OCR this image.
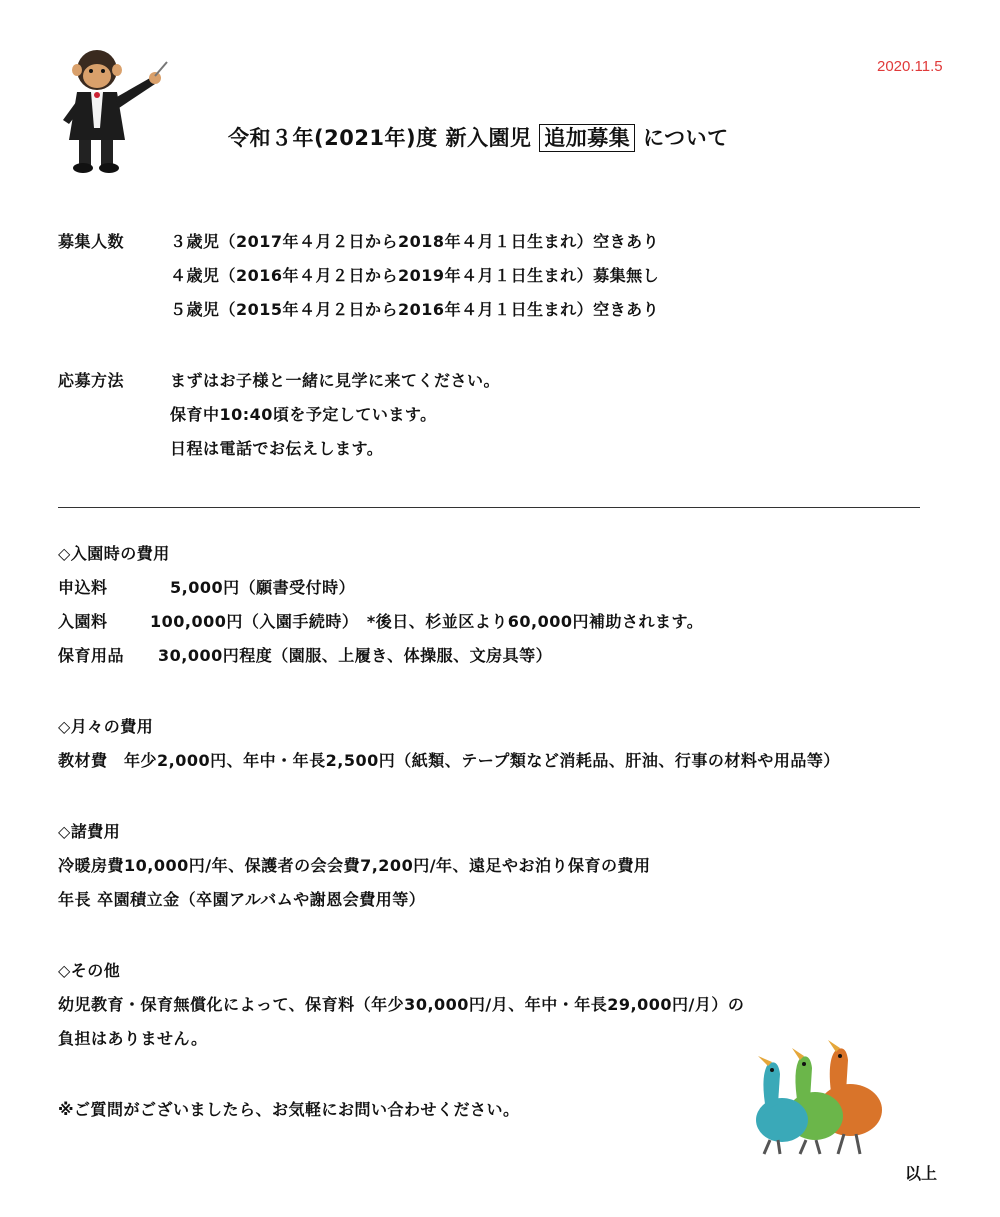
2020.11.5
令和３年(2021年)度 新入園児 追加募集 について
募集人数	３歳児（2017年４月２日から2018年４月１日生まれ）空きあり
４歳児（2016年４月２日から2019年４月１日生まれ）募集無し
５歳児（2015年４月２日から2016年４月１日生まれ）空きあり
応募方法	まずはお子様と一緒に見学に来てください。
保育中10:40頃を予定しています。
日程は電話でお伝えします。
◇入園時の費用
申込料	5,000円（願書受付時）
入園料	100,000円（入園手続時）　*後日、杉並区より60,000円補助されます。
保育用品 30,000円程度（園服、上履き、体操服、文房具等）
◇月々の費用
教材費　年少2,000円、年中・年長2,500円（紙類、テープ類など消耗品、肝油、行事の材料や用品等）
◇諸費用
冷暖房費10,000円/年、保護者の会会費7,200円/年、遠足やお泊り保育の費用
年長 卒園積立金（卒園アルバムや謝恩会費用等）
◇その他
幼児教育・保育無償化によって、保育料（年少30,000円/月、年中・年長29,000円/月）の
負担はありません。
※ご質問がございましたら、お気軽にお問い合わせください。
以上
